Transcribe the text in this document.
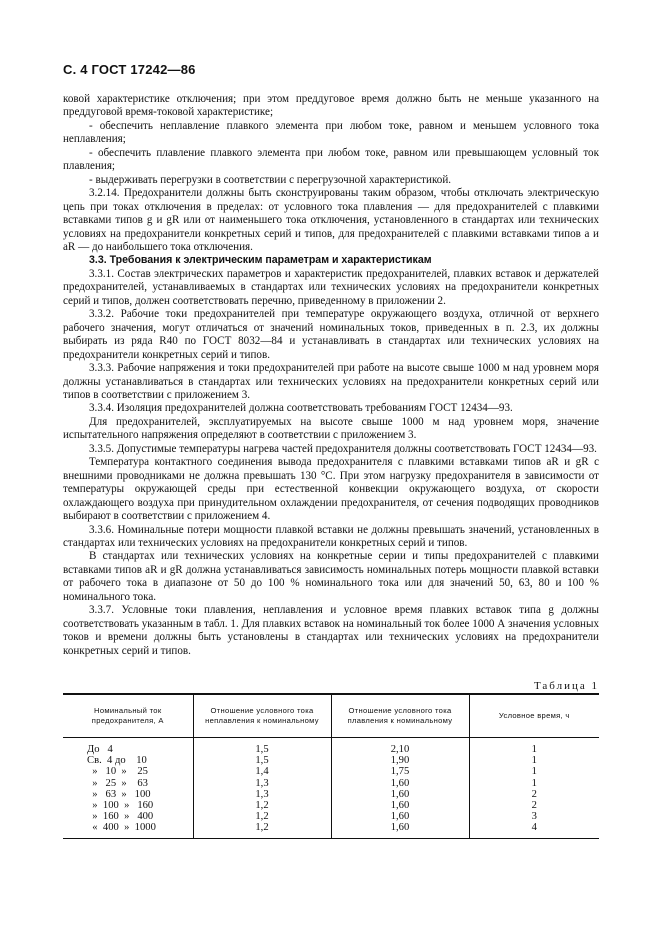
С. 4 ГОСТ 17242—86

ковой характеристике отключения; при этом преддуговое время должно быть не меньше указанного на преддуговой время-токовой характеристике;

- обеспечить неплавление плавкого элемента при любом токе, равном и меньшем условного тока неплавления;

- обеспечить плавление плавкого элемента при любом токе, равном или превышающем условный ток плавления;

- выдерживать перегрузки в соответствии с перегрузочной характеристикой.

3.2.14. Предохранители должны быть сконструированы таким образом, чтобы отключать электрическую цепь при токах отключения в пределах: от условного тока плавления — для предохранителей с плавкими вставками типов g и gR или от наименьшего тока отключения, установленного в стандартах или технических условиях на предохранители конкретных серий и типов, для предохранителей с плавкими вставками типов a и aR — до наибольшего тока отключения.

3.3. Требования к электрическим параметрам и характеристикам

3.3.1. Состав электрических параметров и характеристик предохранителей, плавких вставок и держателей предохранителей, устанавливаемых в стандартах или технических условиях на предохранители конкретных серий и типов, должен соответствовать перечню, приведенному в приложении 2.

3.3.2. Рабочие токи предохранителей при температуре окружающего воздуха, отличной от верхнего рабочего значения, могут отличаться от значений номинальных токов, приведенных в п. 2.3, их должны выбирать из ряда R40 по ГОСТ 8032—84 и устанавливать в стандартах или технических условиях на предохранители конкретных серий и типов.

3.3.3. Рабочие напряжения и токи предохранителей при работе на высоте свыше 1000 м над уровнем моря должны устанавливаться в стандартах или технических условиях на предохранители конкретных серий или типов в соответствии с приложением 3.

3.3.4. Изоляция предохранителей должна соответствовать требованиям ГОСТ 12434—93.

Для предохранителей, эксплуатируемых на высоте свыше 1000 м над уровнем моря, значение испытательного напряжения определяют в соответствии с приложением 3.

3.3.5. Допустимые температуры нагрева частей предохранителя должны соответствовать ГОСТ 12434—93.

Температура контактного соединения вывода предохранителя с плавкими вставками типов aR и gR с внешними проводниками не должна превышать 130 °С. При этом нагрузку предохранителя в зависимости от температуры окружающей среды при естественной конвекции окружающего воздуха, от скорости охлаждающего воздуха при принудительном охлаждении предохранителя, от сечения подводящих проводников выбирают в соответствии с приложением 4.

3.3.6. Номинальные потери мощности плавкой вставки не должны превышать значений, установленных в стандартах или технических условиях на предохранители конкретных серий и типов.

В стандартах или технических условиях на конкретные серии и типы предохранителей с плавкими вставками типов aR и gR должна устанавливаться зависимость номинальных потерь мощности плавкой вставки от рабочего тока в диапазоне от 50 до 100 % номинального тока или для значений 50, 63, 80 и 100 % номинального тока.

3.3.7. Условные токи плавления, неплавления и условное время плавких вставок типа g должны соответствовать указанным в табл. 1. Для плавких вставок на номинальный ток более 1000 А значения условных токов и времени должны быть установлены в стандартах или технических условиях на предохранители конкретных серий и типов.

Таблица 1
Номинальный ток предохранителя, А	Отношение условного тока неплавления к номинальному	Отношение условного тока плавления к номинальному	Условное время, ч
До   4	1,5	2,10	1
Св.  4 до    10	1,5	1,90	1
»   10  »    25	1,4	1,75	1
»   25  »    63	1,3	1,60	1
»   63  »   100	1,3	1,60	2
»  100  »   160	1,2	1,60	2
»  160  »   400	1,2	1,60	3
«  400  »  1000	1,2	1,60	4
